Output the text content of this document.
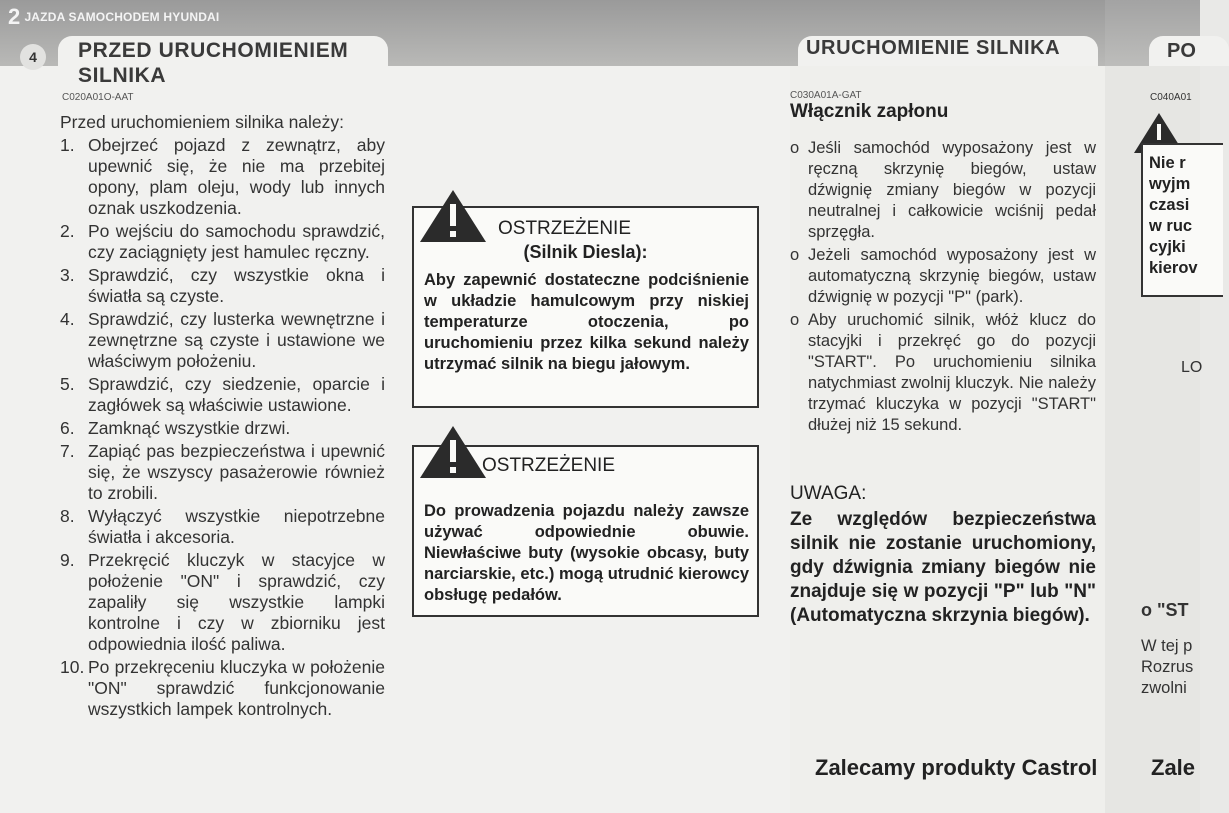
2 JAZDA SAMOCHODEM HYUNDAI
4	PRZED URUCHOMIENIEM
SILNIKA
C020A01O-AAT
Przed uruchomieniem silnika należy:
1. Obejrzeć pojazd z zewnątrz, aby upewnić się, że nie ma przebitej opony, plam oleju, wody lub innych oznak uszkodzenia.
2. Po wejściu do samochodu sprawdzić, czy zaciągnięty jest hamulec ręczny.
3. Sprawdzić, czy wszystkie okna i światła są czyste.
4. Sprawdzić, czy lusterka wewnętrzne i zewnętrzne są czyste i ustawione we właściwym położeniu.
5. Sprawdzić, czy siedzenie, oparcie i zagłówek są właściwie ustawione.
6. Zamknąć wszystkie drzwi.
7. Zapiąć pas bezpieczeństwa i upewnić się, że wszyscy pasażerowie również to zrobili.
8. Wyłączyć wszystkie niepotrzebne światła i akcesoria.
9. Przekręcić kluczyk w stacyjce w położenie "ON" i sprawdzić, czy zapaliły się wszystkie lampki kontrolne i czy w zbiorniku jest odpowiednia ilość paliwa.
10. Po przekręceniu kluczyka w położenie "ON" sprawdzić funkcjonowanie wszystkich lampek kontrolnych.
OSTRZEŻENIE
(Silnik Diesla):
Aby zapewnić dostateczne podciśnienie w układzie hamulcowym przy niskiej temperaturze otoczenia, po uruchomieniu przez kilka sekund należy utrzymać silnik na biegu jałowym.
OSTRZEŻENIE
Do prowadzenia pojazdu należy zawsze używać odpowiednie obuwie. Niewłaściwe buty (wysokie obcasy, buty narciarskie, etc.) mogą utrudnić kierowcy obsługę pedałów.
URUCHOMIENIE SILNIKA
C030A01A-GAT
Włącznik zapłonu
o Jeśli samochód wyposażony jest w ręczną skrzynię biegów, ustaw dźwignię zmiany biegów w pozycji neutralnej i całkowicie wciśnij pedał sprzęgła.
o Jeżeli samochód wyposażony jest w automatyczną skrzynię biegów, ustaw dźwignię w pozycji "P" (park).
o Aby uruchomić silnik, włóż klucz do stacyjki i przekręć go do pozycji "START". Po uruchomieniu silnika natychmiast zwolnij kluczyk. Nie należy trzymać kluczyka w pozycji "START" dłużej niż 15 sekund.
UWAGA:
Ze względów bezpieczeństwa silnik nie zostanie uruchomiony, gdy dźwignia zmiany biegów nie znajduje się w pozycji "P" lub "N"(Automatyczna skrzynia biegów).
Zalecamy produkty Castrol
PO
C040A01
Nie r
wyjm
czasi
w ruc
cyjki
kierov
LO
o "ST
W tej p
Rozrus
zwolni
Zale
